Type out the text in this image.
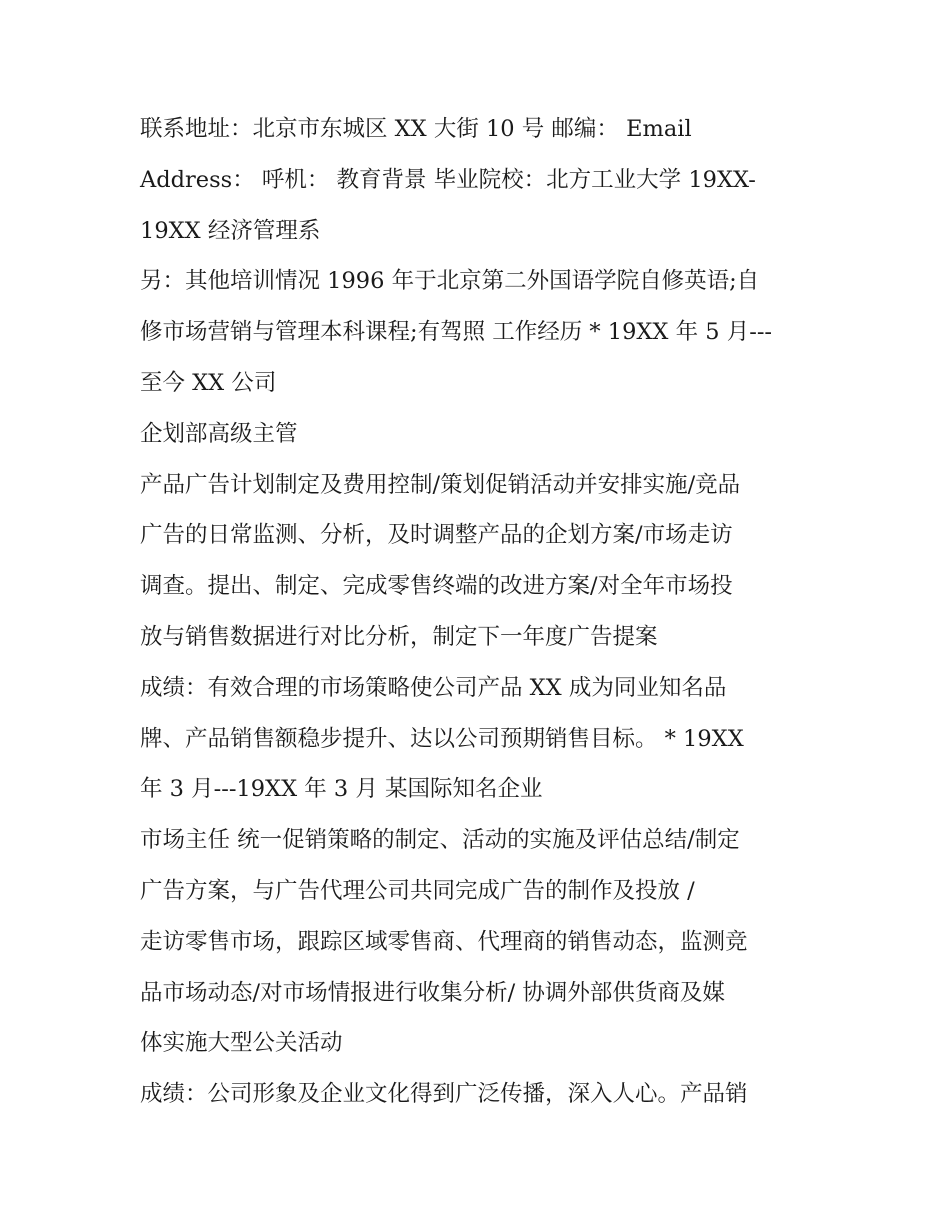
联系地址：北京市东城区 XX 大街 10 号 邮编： Email
Address： 呼机： 教育背景 毕业院校：北方工业大学 19XX-
19XX 经济管理系
另：其他培训情况 1996 年于北京第二外国语学院自修英语;自
修市场营销与管理本科课程;有驾照 工作经历 * 19XX 年 5 月---
至今 XX 公司
企划部高级主管
产品广告计划制定及费用控制/策划促销活动并安排实施/竞品
广告的日常监测、分析，及时调整产品的企划方案/市场走访
调查。提出、制定、完成零售终端的改进方案/对全年市场投
放与销售数据进行对比分析，制定下一年度广告提案
成绩：有效合理的市场策略使公司产品 XX 成为同业知名品
牌、产品销售额稳步提升、达以公司预期销售目标。 * 19XX
年 3 月---19XX 年 3 月 某国际知名企业
市场主任 统一促销策略的制定、活动的实施及评估总结/制定
广告方案，与广告代理公司共同完成广告的制作及投放 /
走访零售市场，跟踪区域零售商、代理商的销售动态，监测竞
品市场动态/对市场情报进行收集分析/ 协调外部供货商及媒
体实施大型公关活动
成绩：公司形象及企业文化得到广泛传播，深入人心。产品销
